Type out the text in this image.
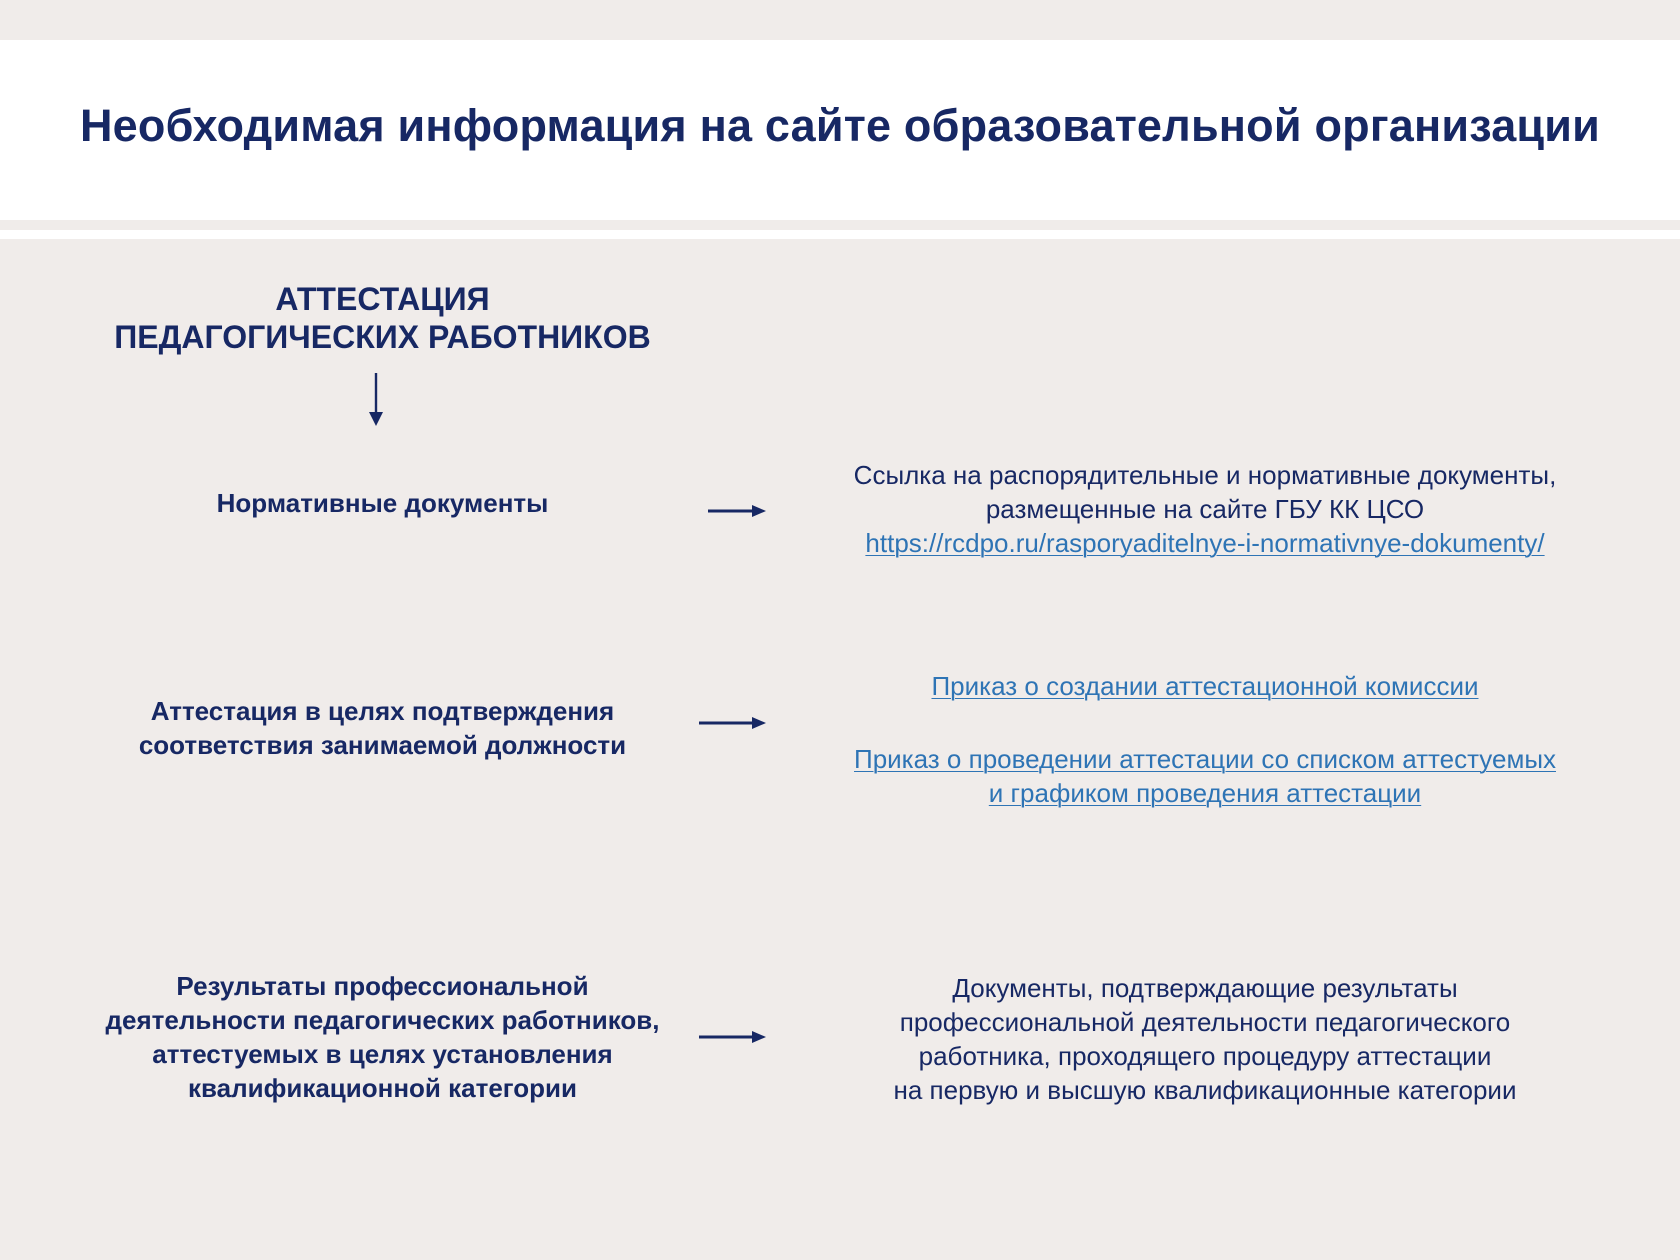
Необходимая информация на сайте образовательной организации
АТТЕСТАЦИЯ
ПЕДАГОГИЧЕСКИХ РАБОТНИКОВ
Нормативные документы
Ссылка на распорядительные и нормативные документы,
размещенные на сайте ГБУ КК ЦСО
https://rcdpo.ru/rasporyaditelnye-i-normativnye-dokumenty/
Аттестация в целях подтверждения
соответствия занимаемой должности
Приказ о создании аттестационной комиссии
Приказ о проведении аттестации со списком аттестуемых
и графиком проведения аттестации
Результаты профессиональной
деятельности педагогических работников,
аттестуемых в целях установления
квалификационной категории
Документы, подтверждающие результаты
профессиональной деятельности педагогического
работника, проходящего процедуру аттестации
на первую и высшую квалификационные категории
